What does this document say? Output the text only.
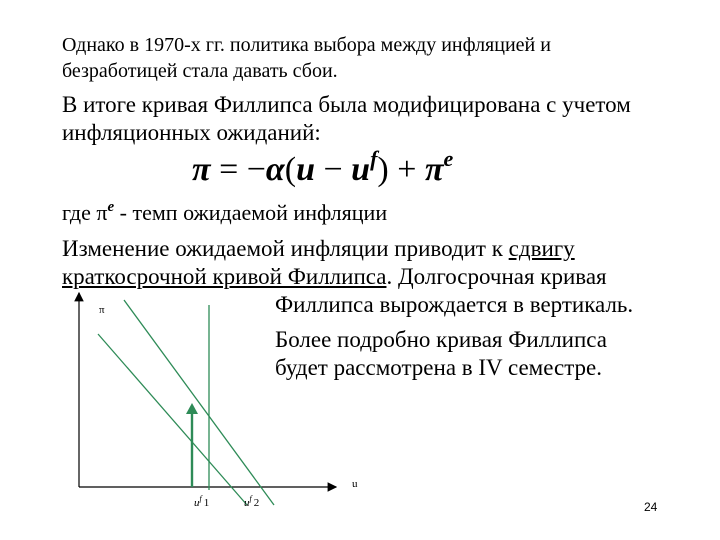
Однако в 1970-х гг. политика выбора между инфляцией и
безработицей стала давать сбои.
В итоге кривая Филлипса была модифицирована с учетом
инфляционных ожиданий:
$\pi = -\alpha(u - u^f) + \pi^e$
где $\pi^e$ - темп ожидаемой инфляции
Изменение ожидаемой инфляции приводит к сдвигу
краткосрочной кривой Филлипса. Долгосрочная кривая
Филлипса вырождается в вертикаль.
Более подробно кривая Филлипса
будет рассмотрена в IV семестре.
π
u
$u^f$ 1	$u^f$ 2	24
